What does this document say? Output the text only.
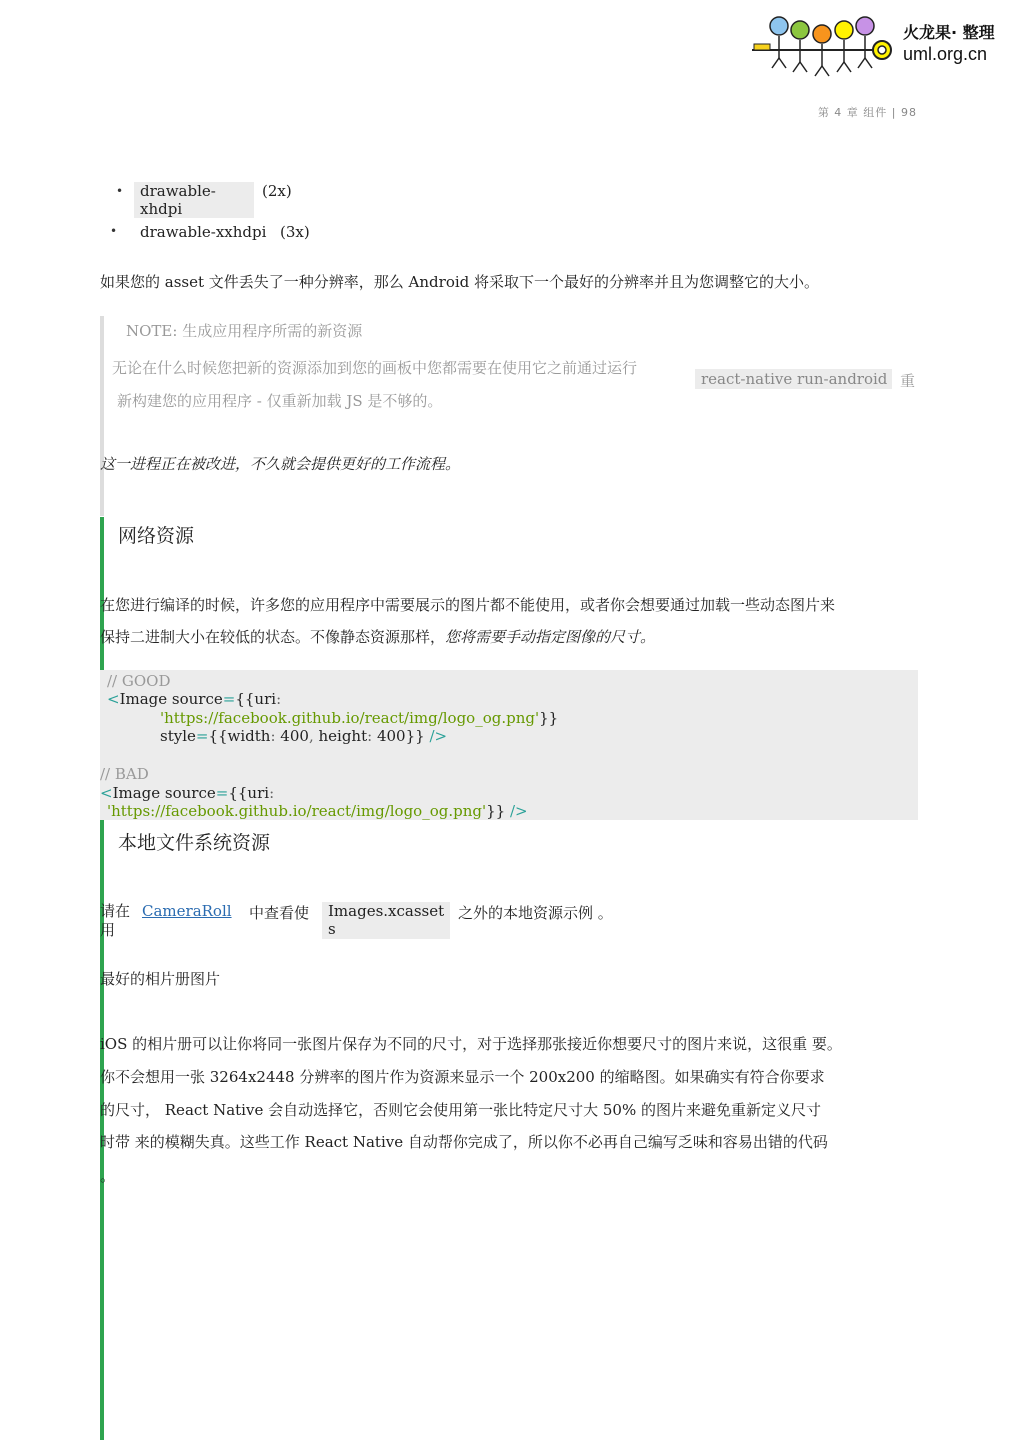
火龙果· 整理
uml.org.cn
第 4 章 组件 | 98
• drawable-
xhdpi
(2x)
• drawable-xxhdpi (3x)
如果您的 asset 文件丢失了一种分辨率，那么 Android 将采取下一个最好的分辨率并且为您调整它的大小。
NOTE: 生成应用程序所需的新资源
无论在什么时候您把新的资源添加到您的画板中您都需要在使用它之前通过运行
react-native run-android 重
新构建您的应用程序 - 仅重新加载 JS 是不够的。
这一进程正在被改进，不久就会提供更好的工作流程。
网络资源
在您进行编译的时候，许多您的应用程序中需要展示的图片都不能使用，或者你会想要通过加载一些动态图片来
保持二进制大小在较低的状态。不像静态资源那样，您将需要手动指定图像的尺寸。
// GOOD
<Image source={{uri:
'https://facebook.github.io/react/img/logo_og.png'}}
style={{width: 400, height: 400}} />
// BAD
<Image source={{uri:
'https://facebook.github.io/react/img/logo_og.png'}} />
本地文件系统资源
请在
用
CameraRoll 中查看使 Images.xcasset
s
之外的本地资源示例 。
最好的相片册图片
iOS 的相片册可以让你将同一张图片保存为不同的尺寸，对于选择那张接近你想要尺寸的图片来说，这很重 要。
你不会想用一张 3264x2448 分辨率的图片作为资源来显示一个 200x200 的缩略图。如果确实有符合你要求
的尺寸， React Native 会自动选择它，否则它会使用第一张比特定尺寸大 50% 的图片来避免重新定义尺寸
时带 来的模糊失真。这些工作 React Native 自动帮你完成了，所以你不必再自己编写乏味和容易出错的代码
。
